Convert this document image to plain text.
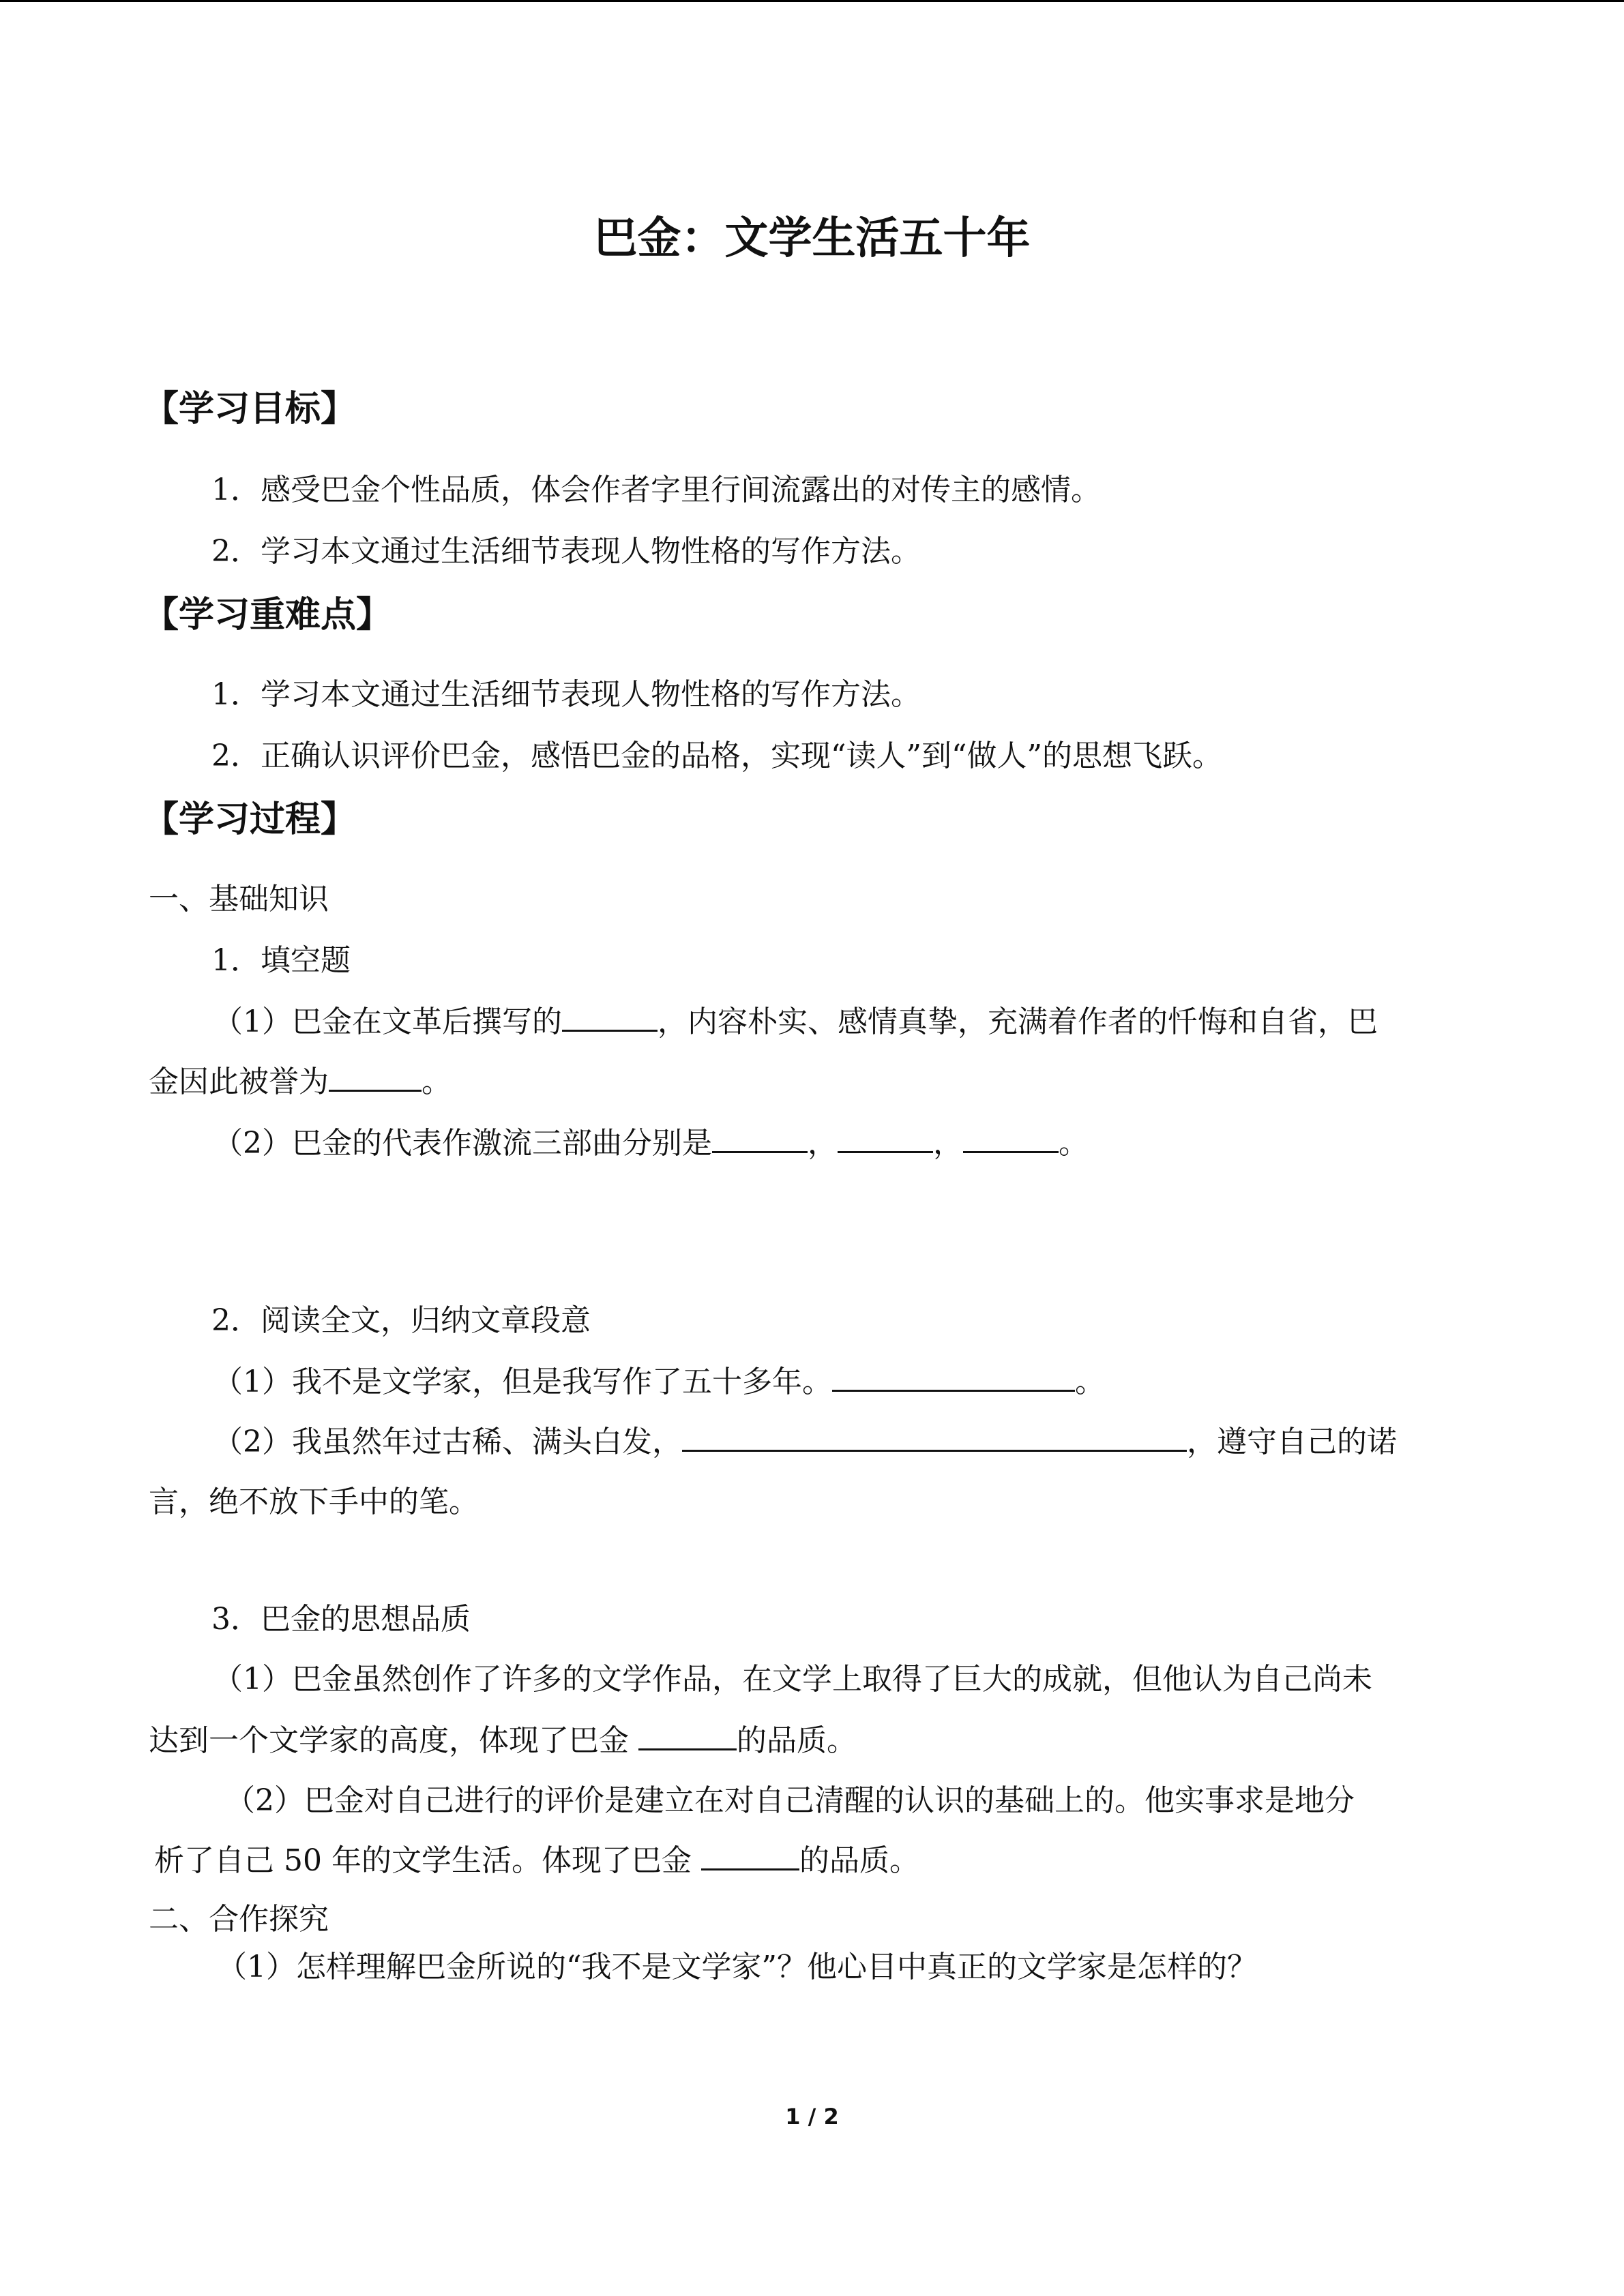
巴金：文学生活五十年
【学习目标】
1．感受巴金个性品质，体会作者字里行间流露出的对传主的感情。
2．学习本文通过生活细节表现人物性格的写作方法。
【学习重难点】
1．学习本文通过生活细节表现人物性格的写作方法。
2．正确认识评价巴金，感悟巴金的品格，实现“读人”到“做人”的思想飞跃。
【学习过程】
一、基础知识
1．填空题
（1）巴金在文革后撰写的	，内容朴实、感情真挚，充满着作者的忏悔和自省，巴
金因此被誉为	。
（2）巴金的代表作激流三部曲分别是	，	，	。
2．阅读全文，归纳文章段意
（1）我不是文学家，但是我写作了五十多年。	。
（2）我虽然年过古稀、满头白发，	，遵守自己的诺
言，绝不放下手中的笔。
3．巴金的思想品质
（1）巴金虽然创作了许多的文学作品，在文学上取得了巨大的成就，但他认为自己尚未
达到一个文学家的高度，体现了巴金	的品质。
（2）巴金对自己进行的评价是建立在对自己清醒的认识的基础上的。他实事求是地分
析了自己 50 年的文学生活。体现了巴金	的品质。
二、合作探究
（1）怎样理解巴金所说的“我不是文学家”？他心目中真正的文学家是怎样的？
1 / 2
